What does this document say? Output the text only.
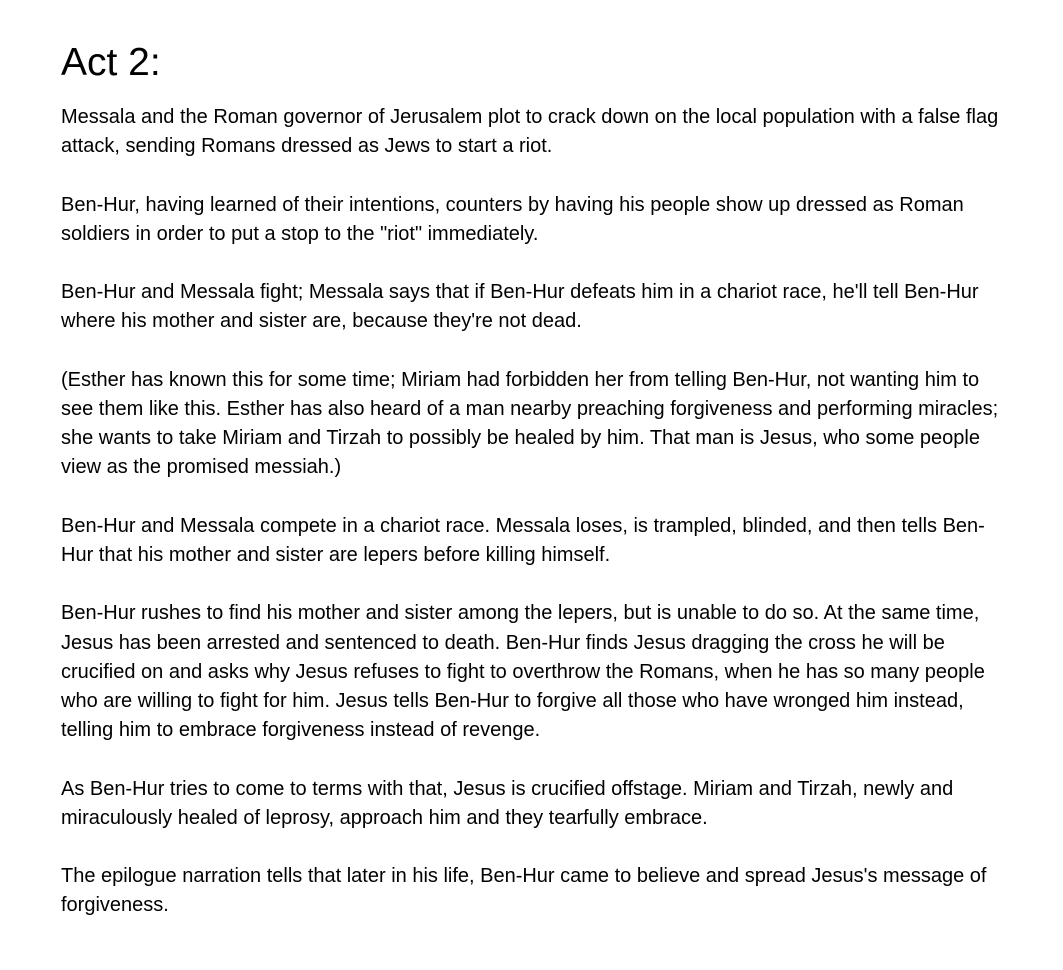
Act 2:

Messala and the Roman governor of Jerusalem plot to crack down on the local population with a false flag attack, sending Romans dressed as Jews to start a riot.

Ben-Hur, having learned of their intentions, counters by having his people show up dressed as Roman soldiers in order to put a stop to the "riot" immediately.

Ben-Hur and Messala fight; Messala says that if Ben-Hur defeats him in a chariot race, he'll tell Ben-Hur where his mother and sister are, because they're not dead.

(Esther has known this for some time; Miriam had forbidden her from telling Ben-Hur, not wanting him to see them like this. Esther has also heard of a man nearby preaching forgiveness and performing miracles; she wants to take Miriam and Tirzah to possibly be healed by him. That man is Jesus, who some people view as the promised messiah.)

Ben-Hur and Messala compete in a chariot race. Messala loses, is trampled, blinded, and then tells Ben-Hur that his mother and sister are lepers before killing himself.

Ben-Hur rushes to find his mother and sister among the lepers, but is unable to do so. At the same time, Jesus has been arrested and sentenced to death. Ben-Hur finds Jesus dragging the cross he will be crucified on and asks why Jesus refuses to fight to overthrow the Romans, when he has so many people who are willing to fight for him. Jesus tells Ben-Hur to forgive all those who have wronged him instead, telling him to embrace forgiveness instead of revenge.

As Ben-Hur tries to come to terms with that, Jesus is crucified offstage. Miriam and Tirzah, newly and miraculously healed of leprosy, approach him and they tearfully embrace.

The epilogue narration tells that later in his life, Ben-Hur came to believe and spread Jesus's message of forgiveness.
